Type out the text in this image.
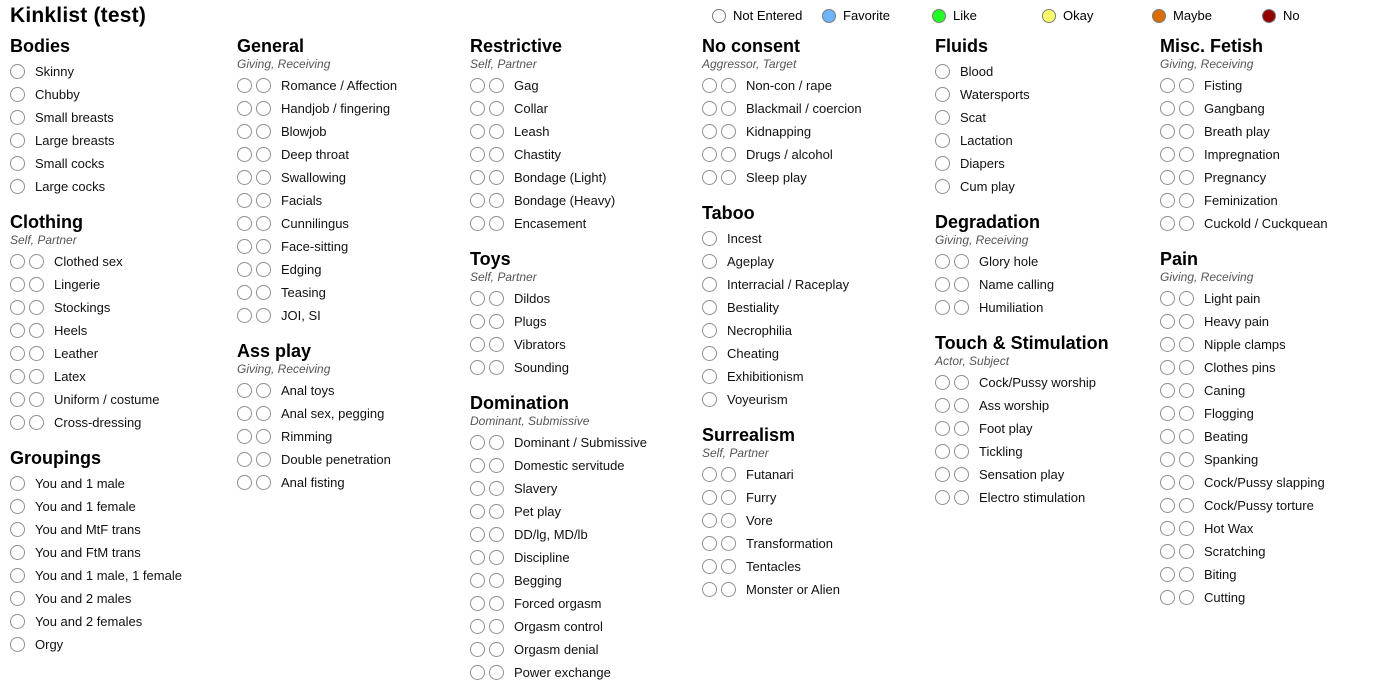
Kinklist (test)	Not Entered	Favorite	Like	Okay	Maybe	No
Bodies
Skinny
Chubby
Small breasts
Large breasts
Small cocks
Large cocks
Clothing
Self, Partner
Clothed sex
Lingerie
Stockings
Heels
Leather
Latex
Uniform / costume
Cross-dressing
Groupings
You and 1 male
You and 1 female
You and MtF trans
You and FtM trans
You and 1 male, 1 female
You and 2 males
You and 2 females
Orgy
General
Giving, Receiving
Romance / Affection
Handjob / fingering
Blowjob
Deep throat
Swallowing
Facials
Cunnilingus
Face-sitting
Edging
Teasing
JOI, SI
Ass play
Giving, Receiving
Anal toys
Anal sex, pegging
Rimming
Double penetration
Anal fisting
Restrictive
Self, Partner
Gag
Collar
Leash
Chastity
Bondage (Light)
Bondage (Heavy)
Encasement
Toys
Self, Partner
Dildos
Plugs
Vibrators
Sounding
Domination
Dominant, Submissive
Dominant / Submissive
Domestic servitude
Slavery
Pet play
DD/lg, MD/lb
Discipline
Begging
Forced orgasm
Orgasm control
Orgasm denial
Power exchange
No consent
Aggressor, Target
Non-con / rape
Blackmail / coercion
Kidnapping
Drugs / alcohol
Sleep play
Taboo
Incest
Ageplay
Interracial / Raceplay
Bestiality
Necrophilia
Cheating
Exhibitionism
Voyeurism
Surrealism
Self, Partner
Futanari
Furry
Vore
Transformation
Tentacles
Monster or Alien
Fluids
Blood
Watersports
Scat
Lactation
Diapers
Cum play
Degradation
Giving, Receiving
Glory hole
Name calling
Humiliation
Touch & Stimulation
Actor, Subject
Cock/Pussy worship
Ass worship
Foot play
Tickling
Sensation play
Electro stimulation
Misc. Fetish
Giving, Receiving
Fisting
Gangbang
Breath play
Impregnation
Pregnancy
Feminization
Cuckold / Cuckquean
Pain
Giving, Receiving
Light pain
Heavy pain
Nipple clamps
Clothes pins
Caning
Flogging
Beating
Spanking
Cock/Pussy slapping
Cock/Pussy torture
Hot Wax
Scratching
Biting
Cutting
